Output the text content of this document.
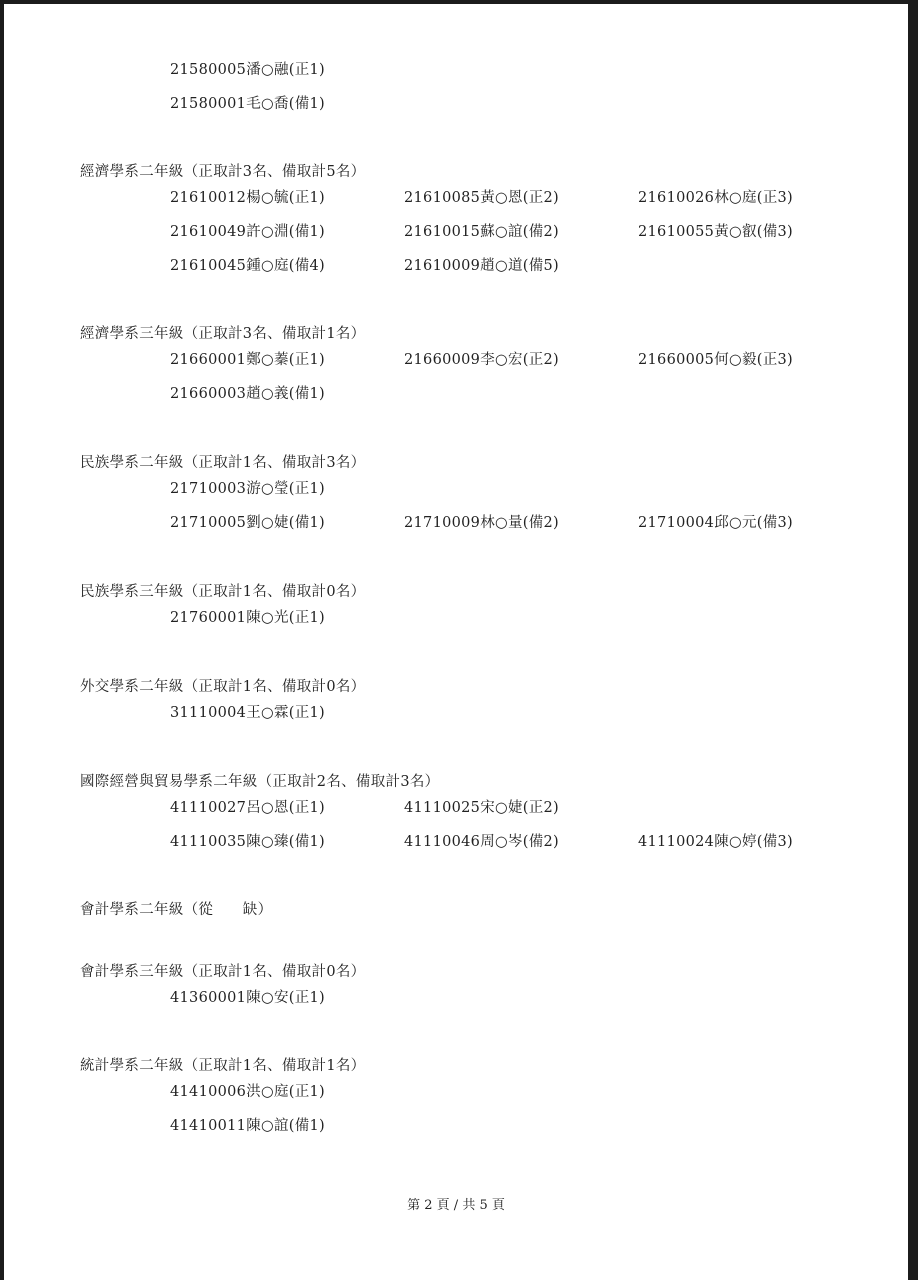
21580005潘○融(正1)
21580001毛○喬(備1)
經濟學系二年級（正取計3名、備取計5名）
21610012楊○毓(正1)	21610085黃○恩(正2)	21610026林○庭(正3)
21610049許○淵(備1)	21610015蘇○誼(備2)	21610055黃○叡(備3)
21610045鍾○庭(備4)	21610009趙○道(備5)
經濟學系三年級（正取計3名、備取計1名）
21660001鄭○蓁(正1)	21660009李○宏(正2)	21660005何○毅(正3)
21660003趙○義(備1)
民族學系二年級（正取計1名、備取計3名）
21710003游○瑩(正1)
21710005劉○婕(備1)	21710009林○量(備2)	21710004邱○元(備3)
民族學系三年級（正取計1名、備取計0名）
21760001陳○光(正1)
外交學系二年級（正取計1名、備取計0名）
31110004王○霖(正1)
國際經營與貿易學系二年級（正取計2名、備取計3名）
41110027呂○恩(正1)	41110025宋○婕(正2)
41110035陳○臻(備1)	41110046周○岑(備2)	41110024陳○婷(備3)
會計學系二年級（從　　缺）
會計學系三年級（正取計1名、備取計0名）
41360001陳○安(正1)
統計學系二年級（正取計1名、備取計1名）
41410006洪○庭(正1)
41410011陳○誼(備1)
第 2 頁 / 共 5 頁
